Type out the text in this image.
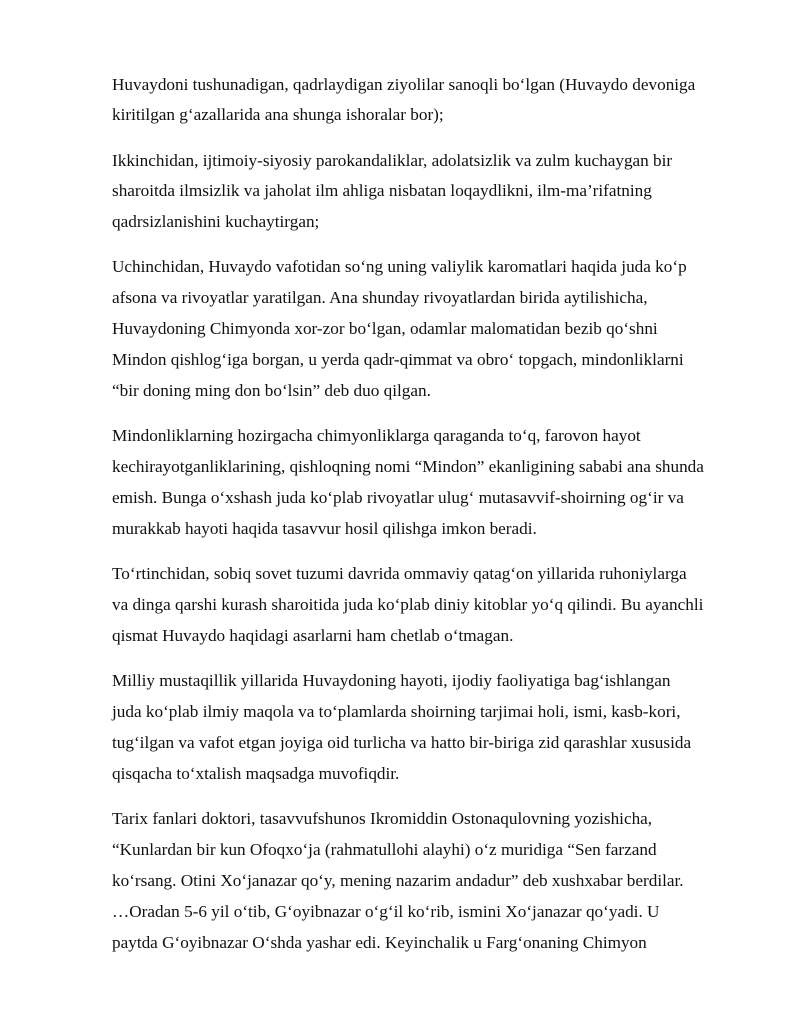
Huvaydoni tushunadigan, qadrlaydigan ziyolilar sanoqli bo‘lgan (Huvaydo devoniga
kiritilgan g‘azallarida ana shunga ishoralar bor);
Ikkinchidan, ijtimoiy-siyosiy parokandaliklar, adolatsizlik va zulm kuchaygan bir
sharoitda ilmsizlik va jaholat ilm ahliga nisbatan loqaydlikni, ilm-ma’rifatning
qadrsizlanishini kuchaytirgan;
Uchinchidan, Huvaydo vafotidan so‘ng uning valiylik karomatlari haqida juda ko‘p
afsona va rivoyatlar yaratilgan. Ana shunday rivoyatlardan birida aytilishicha,
Huvaydoning Chimyonda xor-zor bo‘lgan, odamlar malomatidan bezib qo‘shni
Mindon qishlog‘iga borgan, u yerda qadr-qimmat va obro‘ topgach, mindonliklarni
“bir doning ming don bo‘lsin” deb duo qilgan.
Mindonliklarning hozirgacha chimyonliklarga qaraganda to‘q, farovon hayot
kechirayotganliklarining, qishloqning nomi “Mindon” ekanligining sababi ana shunda
emish. Bunga o‘xshash juda ko‘plab rivoyatlar ulug‘ mutasavvif-shoirning og‘ir va
murakkab hayoti haqida tasavvur hosil qilishga imkon beradi.
To‘rtinchidan, sobiq sovet tuzumi davrida ommaviy qatag‘on yillarida ruhoniylarga
va dinga qarshi kurash sharoitida juda ko‘plab diniy kitoblar yo‘q qilindi. Bu ayanchli
qismat Huvaydo haqidagi asarlarni ham chetlab o‘tmagan.
Milliy mustaqillik yillarida Huvaydoning hayoti, ijodiy faoliyatiga bag‘ishlangan
juda ko‘plab ilmiy maqola va to‘plamlarda shoirning tarjimai holi, ismi, kasb-kori,
tug‘ilgan va vafot etgan joyiga oid turlicha va hatto bir-biriga zid qarashlar xususida
qisqacha to‘xtalish maqsadga muvofiqdir.
Tarix fanlari doktori, tasavvufshunos Ikromiddin Ostonaqulovning yozishicha,
“Kunlardan bir kun Ofoqxo‘ja (rahmatullohi alayhi) o‘z muridiga “Sen farzand
ko‘rsang. Otini Xo‘janazar qo‘y, mening nazarim andadur” deb xushxabar berdilar.
…Oradan 5-6 yil o‘tib, G‘oyibnazar o‘g‘il ko‘rib, ismini Xo‘janazar qo‘yadi. U
paytda G‘oyibnazar O‘shda yashar edi. Keyinchalik u Farg‘onaning Chimyon
